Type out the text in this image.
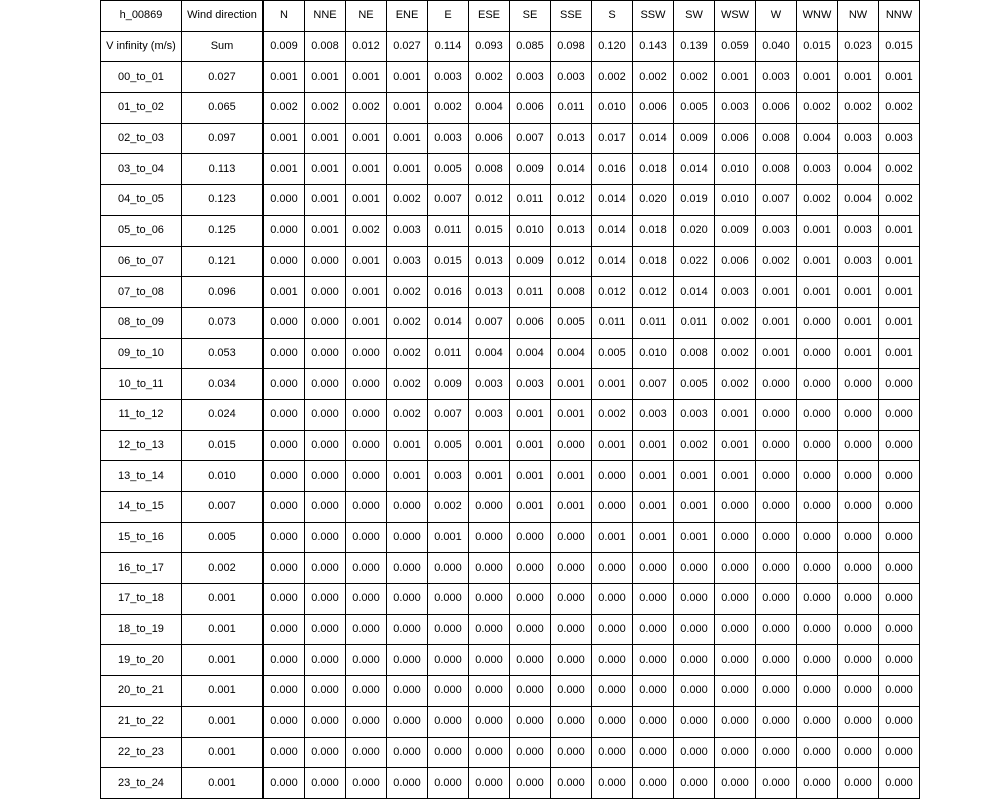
h_00869	Wind direction	N	NNE	NE	ENE	E	ESE	SE	SSE	S	SSW	SW	WSW	W	WNW	NW	NNW
V infinity (m/s)	Sum	0.009	0.008	0.012	0.027	0.114	0.093	0.085	0.098	0.120	0.143	0.139	0.059	0.040	0.015	0.023	0.015
00_to_01	0.027	0.001	0.001	0.001	0.001	0.003	0.002	0.003	0.003	0.002	0.002	0.002	0.001	0.003	0.001	0.001	0.001
01_to_02	0.065	0.002	0.002	0.002	0.001	0.002	0.004	0.006	0.011	0.010	0.006	0.005	0.003	0.006	0.002	0.002	0.002
02_to_03	0.097	0.001	0.001	0.001	0.001	0.003	0.006	0.007	0.013	0.017	0.014	0.009	0.006	0.008	0.004	0.003	0.003
03_to_04	0.113	0.001	0.001	0.001	0.001	0.005	0.008	0.009	0.014	0.016	0.018	0.014	0.010	0.008	0.003	0.004	0.002
04_to_05	0.123	0.000	0.001	0.001	0.002	0.007	0.012	0.011	0.012	0.014	0.020	0.019	0.010	0.007	0.002	0.004	0.002
05_to_06	0.125	0.000	0.001	0.002	0.003	0.011	0.015	0.010	0.013	0.014	0.018	0.020	0.009	0.003	0.001	0.003	0.001
06_to_07	0.121	0.000	0.000	0.001	0.003	0.015	0.013	0.009	0.012	0.014	0.018	0.022	0.006	0.002	0.001	0.003	0.001
07_to_08	0.096	0.001	0.000	0.001	0.002	0.016	0.013	0.011	0.008	0.012	0.012	0.014	0.003	0.001	0.001	0.001	0.001
08_to_09	0.073	0.000	0.000	0.001	0.002	0.014	0.007	0.006	0.005	0.011	0.011	0.011	0.002	0.001	0.000	0.001	0.001
09_to_10	0.053	0.000	0.000	0.000	0.002	0.011	0.004	0.004	0.004	0.005	0.010	0.008	0.002	0.001	0.000	0.001	0.001
10_to_11	0.034	0.000	0.000	0.000	0.002	0.009	0.003	0.003	0.001	0.001	0.007	0.005	0.002	0.000	0.000	0.000	0.000
11_to_12	0.024	0.000	0.000	0.000	0.002	0.007	0.003	0.001	0.001	0.002	0.003	0.003	0.001	0.000	0.000	0.000	0.000
12_to_13	0.015	0.000	0.000	0.000	0.001	0.005	0.001	0.001	0.000	0.001	0.001	0.002	0.001	0.000	0.000	0.000	0.000
13_to_14	0.010	0.000	0.000	0.000	0.001	0.003	0.001	0.001	0.001	0.000	0.001	0.001	0.001	0.000	0.000	0.000	0.000
14_to_15	0.007	0.000	0.000	0.000	0.000	0.002	0.000	0.001	0.001	0.000	0.001	0.001	0.000	0.000	0.000	0.000	0.000
15_to_16	0.005	0.000	0.000	0.000	0.000	0.001	0.000	0.000	0.000	0.001	0.001	0.001	0.000	0.000	0.000	0.000	0.000
16_to_17	0.002	0.000	0.000	0.000	0.000	0.000	0.000	0.000	0.000	0.000	0.000	0.000	0.000	0.000	0.000	0.000	0.000
17_to_18	0.001	0.000	0.000	0.000	0.000	0.000	0.000	0.000	0.000	0.000	0.000	0.000	0.000	0.000	0.000	0.000	0.000
18_to_19	0.001	0.000	0.000	0.000	0.000	0.000	0.000	0.000	0.000	0.000	0.000	0.000	0.000	0.000	0.000	0.000	0.000
19_to_20	0.001	0.000	0.000	0.000	0.000	0.000	0.000	0.000	0.000	0.000	0.000	0.000	0.000	0.000	0.000	0.000	0.000
20_to_21	0.001	0.000	0.000	0.000	0.000	0.000	0.000	0.000	0.000	0.000	0.000	0.000	0.000	0.000	0.000	0.000	0.000
21_to_22	0.001	0.000	0.000	0.000	0.000	0.000	0.000	0.000	0.000	0.000	0.000	0.000	0.000	0.000	0.000	0.000	0.000
22_to_23	0.001	0.000	0.000	0.000	0.000	0.000	0.000	0.000	0.000	0.000	0.000	0.000	0.000	0.000	0.000	0.000	0.000
23_to_24	0.001	0.000	0.000	0.000	0.000	0.000	0.000	0.000	0.000	0.000	0.000	0.000	0.000	0.000	0.000	0.000	0.000
